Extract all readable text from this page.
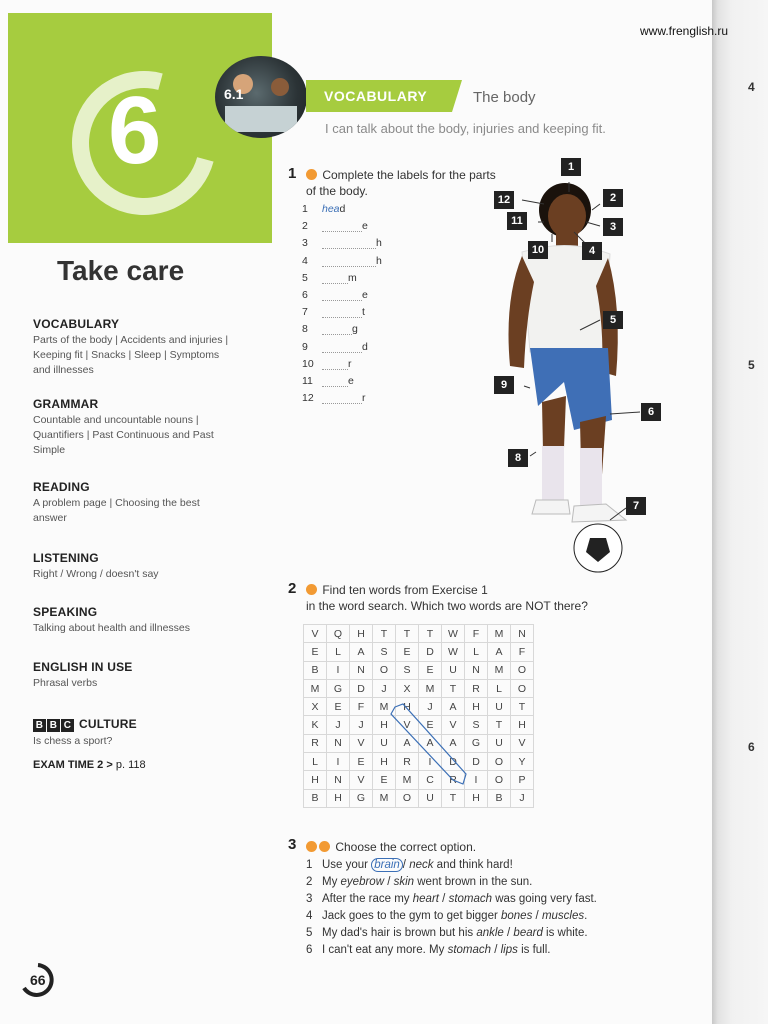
4
5
6
www.frenglish.ru
6	6.1	VOCABULARY	The body
I can talk about the body, injuries and keeping fit.
Take care
VOCABULARY
Parts of the body | Accidents and injuries | Keeping fit | Snacks | Sleep | Symptoms and illnesses
GRAMMAR
Countable and uncountable nouns | Quantifiers | Past Continuous and Past Simple
READING
A problem page | Choosing the best answer
LISTENING
Right / Wrong / doesn't say
SPEAKING
Talking about health and illnesses
ENGLISH IN USE
Phrasal verbs
B B C CULTURE
Is chess a sport?
EXAM TIME 2 > p. 118
1	Complete the labels for the parts of the body.
1 head
2	e
3	h
4	h
5	m
6	e
7	t
8	g
9	d
10	r
11	e
12	r
1
2
3
4
5
6
7
8
9
10
11
12
2	Find ten words from Exercise 1
in the word search. Which two words are NOT there?
V	Q	H	T	T	T	W	F	M	N
E	L	A	S	E	D	W	L	A	F
B	I	N	O	S	E	U	N	M	O
M	G	D	J	X	M	T	R	L	O
X	E	F	M	H	J	A	H	U	T
K	J	J	H	V	E	V	S	T	H
R	N	V	U	A	A	A	G	U	V
L	I	E	H	R	I	D	D	O	Y
H	N	V	E	M	C	R	I	O	P
B	H	G	M	O	U	T	H	B	J
3	Choose the correct option.
1 Use your brain / neck and think hard!
2 My eyebrow / skin went brown in the sun.
3 After the race my heart / stomach was going very fast.
4 Jack goes to the gym to get bigger bones / muscles.
5 My dad's hair is brown but his ankle / beard is white.
6 I can't eat any more. My stomach / lips is full.
66
